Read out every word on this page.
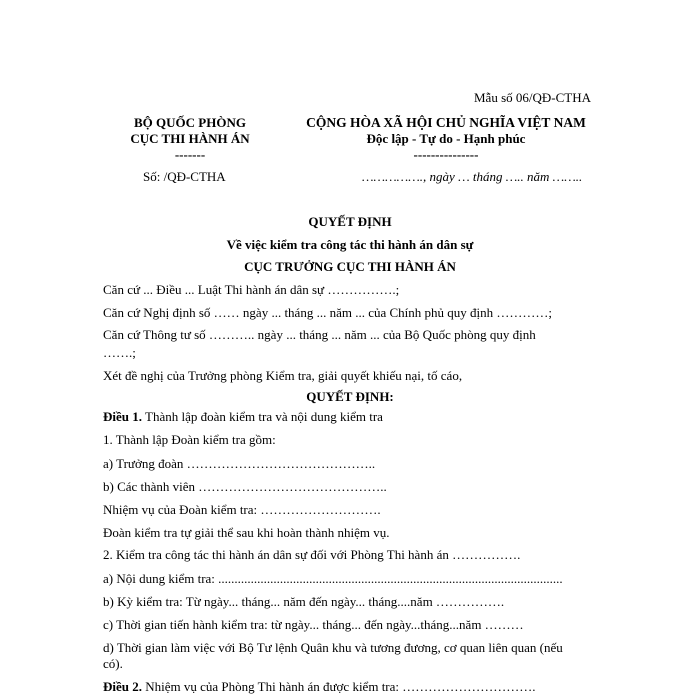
Mẫu số 06/QĐ-CTHA
BỘ QUỐC PHÒNG
CỤC THI HÀNH ÁN
-------
CỘNG HÒA XÃ HỘI CHỦ NGHĨA VIỆT NAM
Độc lập - Tự do - Hạnh phúc
---------------
Số: /QĐ-CTHA	……………., ngày … tháng ….. năm ……..
QUYẾT ĐỊNH
Về việc kiểm tra công tác thi hành án dân sự
CỤC TRƯỞNG CỤC THI HÀNH ÁN
Căn cứ ... Điều ... Luật Thi hành án dân sự …………….;
Căn cứ Nghị định số …… ngày ... tháng ... năm ... của Chính phủ quy định …………;
Căn cứ Thông tư số ……….. ngày ... tháng ... năm ... của Bộ Quốc phòng quy định
…….;
Xét đề nghị của Trưởng phòng Kiểm tra, giải quyết khiếu nại, tố cáo,
QUYẾT ĐỊNH:
Điều 1. Thành lập đoàn kiểm tra và nội dung kiểm tra
1. Thành lập Đoàn kiểm tra gồm:
a) Trưởng đoàn ……………………………………..
b) Các thành viên ……………………………………..
Nhiệm vụ của Đoàn kiểm tra: ……………………….
Đoàn kiểm tra tự giải thể sau khi hoàn thành nhiệm vụ.
2. Kiểm tra công tác thi hành án dân sự đối với Phòng Thi hành án …………….
a) Nội dung kiểm tra: ..........................................................................................................
b) Kỳ kiểm tra: Từ ngày... tháng... năm đến ngày... tháng....năm …………….
c) Thời gian tiến hành kiểm tra: từ ngày... tháng... đến ngày...tháng...năm ………
d) Thời gian làm việc với Bộ Tư lệnh Quân khu và tương đương, cơ quan liên quan (nếu
có).
Điều 2. Nhiệm vụ của Phòng Thi hành án được kiểm tra: ………………………….
